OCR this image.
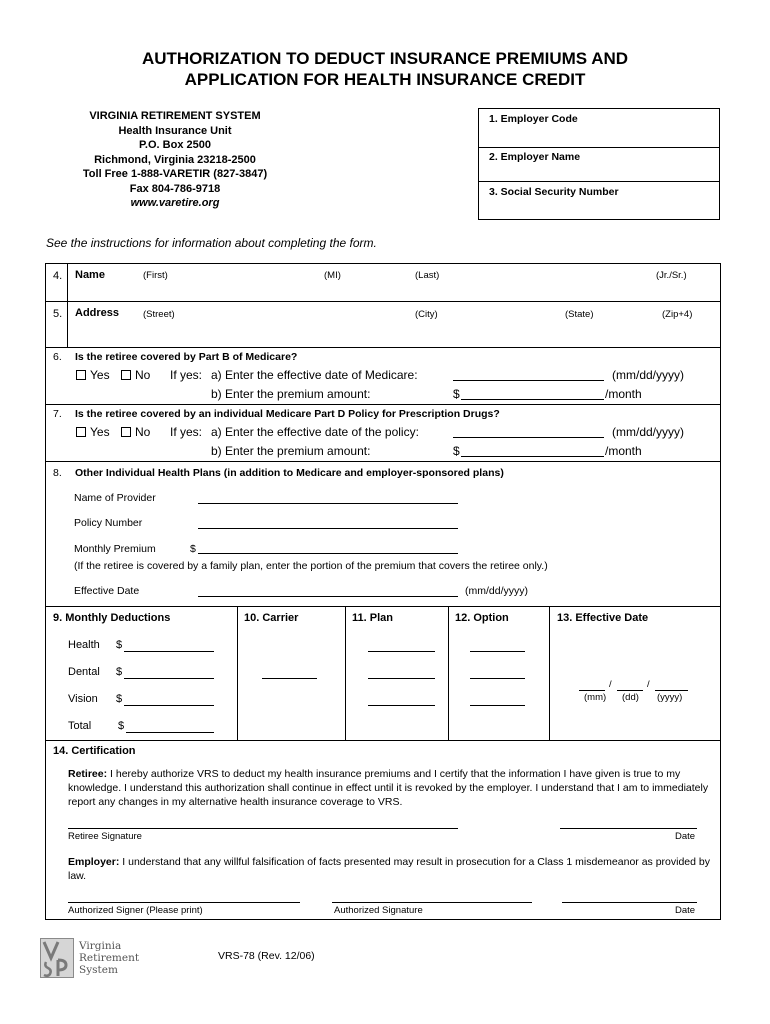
AUTHORIZATION TO DEDUCT INSURANCE PREMIUMS AND
APPLICATION FOR HEALTH INSURANCE CREDIT
VIRGINIA RETIREMENT SYSTEM
Health Insurance Unit
P.O. Box 2500
Richmond, Virginia 23218-2500
Toll Free 1-888-VARETIR (827-3847)
Fax 804-786-9718
www.varetire.org
1. Employer Code
2. Employer Name
3. Social Security Number
See the instructions for information about completing the form.
4. Name	(First)	(MI)	(Last)	(Jr./Sr.)
5. Address	(Street)	(City)	(State)	(Zip+4)
6. Is the retiree covered by Part B of Medicare?
Yes	No If yes: a) Enter the effective date of Medicare:	(mm/dd/yyyy)
b) Enter the premium amount:	$	/month
7. Is the retiree covered by an individual Medicare Part D Policy for Prescription Drugs?
Yes	No If yes: a) Enter the effective date of the policy:	(mm/dd/yyyy)
b) Enter the premium amount:	$	/month
8. Other Individual Health Plans (in addition to Medicare and employer-sponsored plans)
Name of Provider
Policy Number
Monthly Premium	$
(If the retiree is covered by a family plan, enter the portion of the premium that covers the retiree only.)
Effective Date	(mm/dd/yyyy)
9. Monthly Deductions	10. Carrier	11. Plan	12. Option	13. Effective Date
Health $
Dental $
Vision $
Total $
/	/
(mm) (dd) (yyyy)
14. Certification
Retiree: I hereby authorize VRS to deduct my health insurance premiums and I certify that the information I have given is true to my knowledge. I understand this authorization shall continue in effect until it is revoked by the employer. I understand that I am to immediately report any changes in my alternative health insurance coverage to VRS.
Retiree Signature	Date
Employer: I understand that any willful falsification of facts presented may result in prosecution for a Class 1 misdemeanor as provided by law.
Authorized Signer (Please print)	Authorized Signature	Date
Virginia
Retirement
System
VRS-78 (Rev. 12/06)
